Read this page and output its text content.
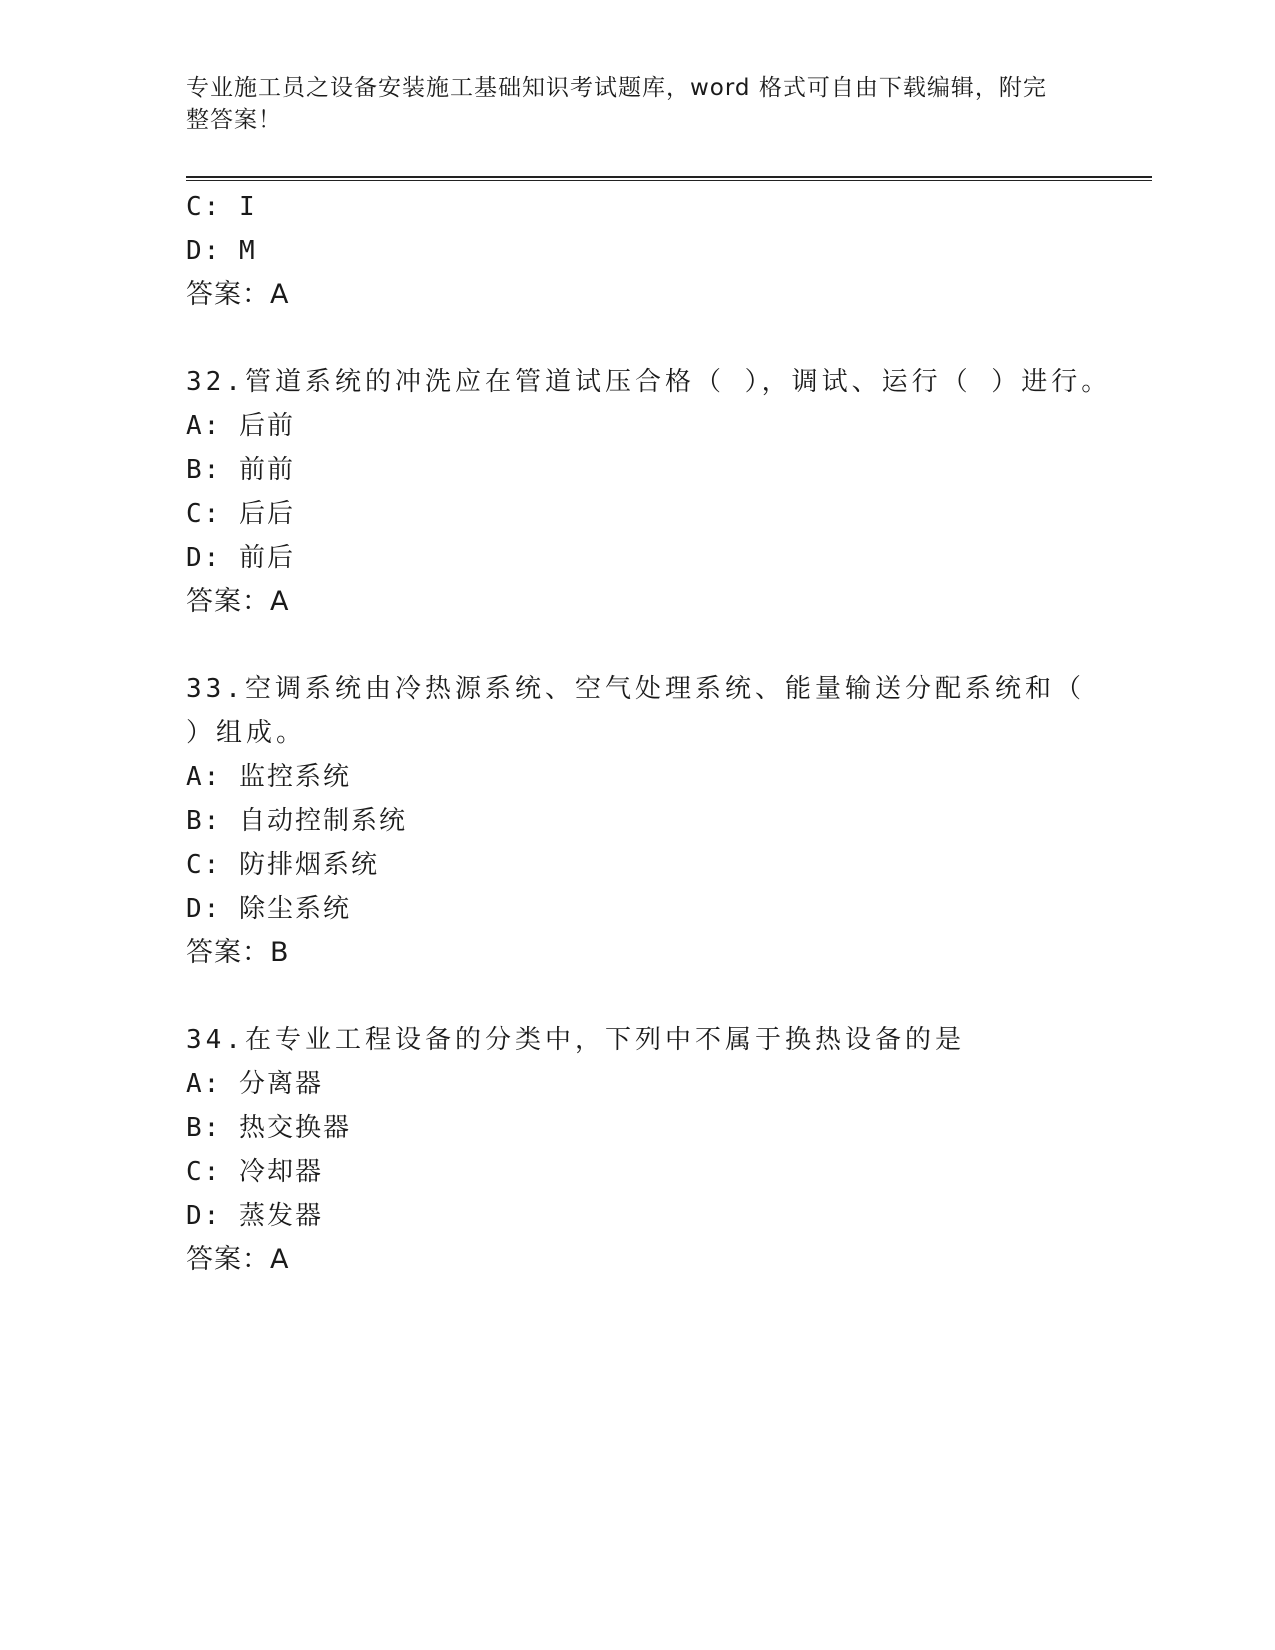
专业施工员之设备安装施工基础知识考试题库，word 格式可自由下载编辑，附完
整答案！
C: I
D: M
答案：A
32.管道系统的冲洗应在管道试压合格（ ），调试、运行（ ）进行。
A: 后前
B: 前前
C: 后后
D: 前后
答案：A
33.空调系统由冷热源系统、空气处理系统、能量输送分配系统和（
）组成。
A: 监控系统
B: 自动控制系统
C: 防排烟系统
D: 除尘系统
答案：B
34.在专业工程设备的分类中，下列中不属于换热设备的是
A: 分离器
B: 热交换器
C: 冷却器
D: 蒸发器
答案：A
